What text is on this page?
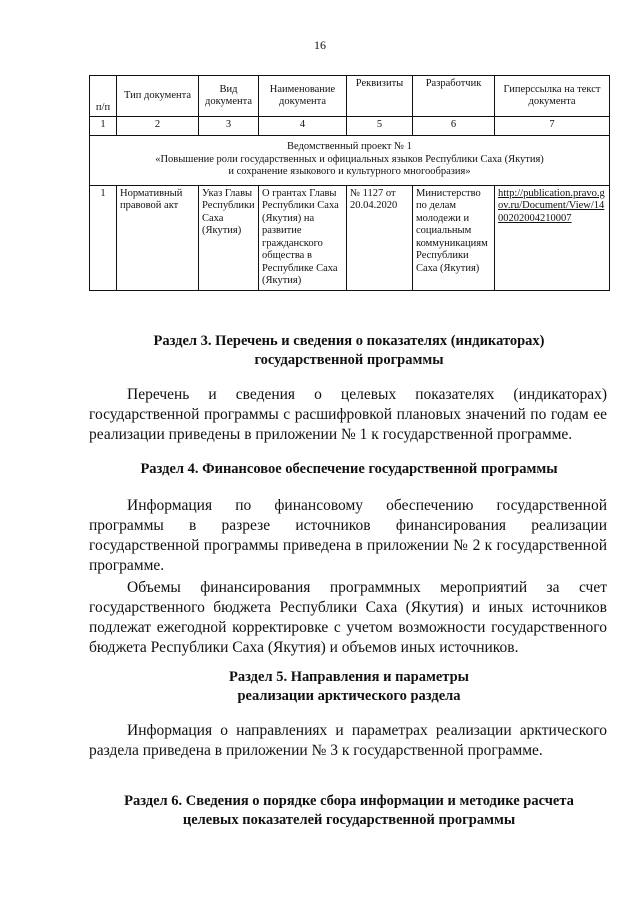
16
п/п	Тип документа	Вид документа	Наименование документа	Реквизиты	Разработчик	Гиперссылка на текст документа
1	2	3	4	5	6	7

Ведомственный проект № 1
«Повышение роли государственных и официальных языков Республики Саха (Якутия)
и сохранение языкового и культурного многообразия»						

1	Нормативный правовой акт	Указ Главы Республики Саха (Якутия)	О грантах Главы Республики Саха (Якутия) на развитие гражданского общества в Республике Саха (Якутия)	№ 1127 от 20.04.2020	Министерство по делам молодежи и социальным коммуникациям Республики Саха (Якутия)	http://publication.pravo.gov.ru/Document/View/1400202004210007
Раздел 3. Перечень и сведения о показателях (индикаторах)
государственной программы
Перечень и сведения о целевых показателях (индикаторах)
государственной программы с расшифровкой плановых значений по годам ее
реализации приведены в приложении № 1 к государственной программе.
Раздел 4. Финансовое обеспечение государственной программы
Информация по финансовому обеспечению государственной
программы в разрезе источников финансирования реализации
государственной программы приведена в приложении № 2 к государственной
программе.
Объемы финансирования программных мероприятий за счет
государственного бюджета Республики Саха (Якутия) и иных источников
подлежат ежегодной корректировке с учетом возможности государственного
бюджета Республики Саха (Якутия) и объемов иных источников.
Раздел 5. Направления и параметры
реализации арктического раздела
Информация о направлениях и параметрах реализации арктического
раздела приведена в приложении № 3 к государственной программе.
Раздел 6. Сведения о порядке сбора информации и методике расчета
целевых показателей государственной программы
